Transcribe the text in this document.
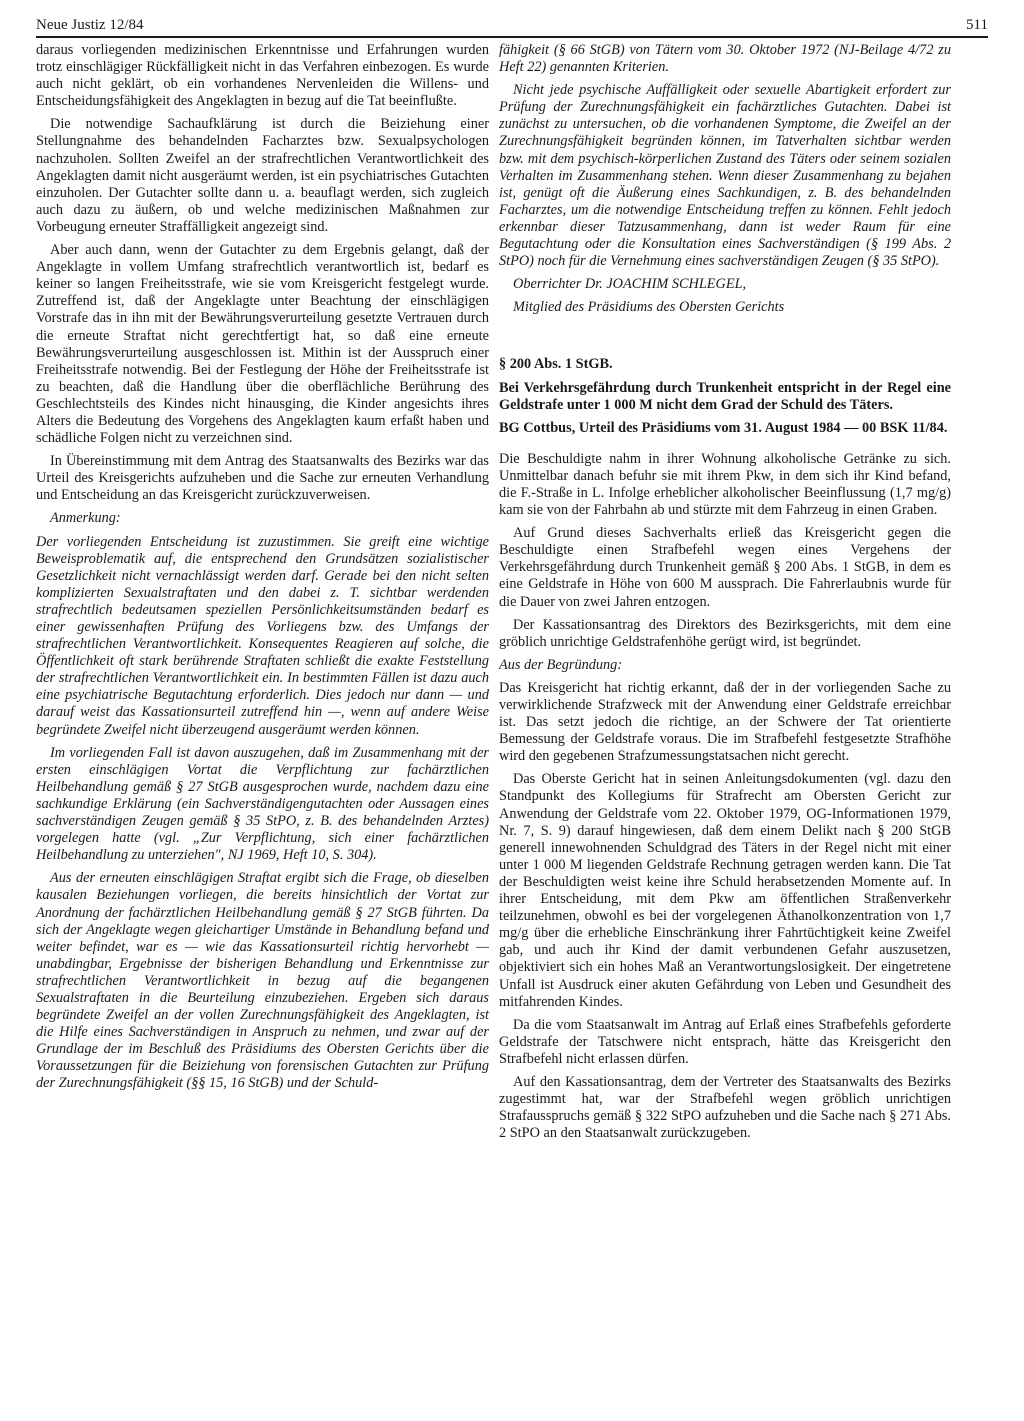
Neue Justiz 12/84	511

daraus vorliegenden medizinischen Erkenntnisse und Erfahrungen wurden trotz einschlägiger Rückfälligkeit nicht in das Verfahren einbezogen. Es wurde auch nicht geklärt, ob ein vorhandenes Nervenleiden die Willens- und Entscheidungsfähigkeit des Angeklagten in bezug auf die Tat beeinflußte.

Die notwendige Sachaufklärung ist durch die Beiziehung einer Stellungnahme des behandelnden Facharztes bzw. Sexualpsychologen nachzuholen. Sollten Zweifel an der strafrechtlichen Verantwortlichkeit des Angeklagten damit nicht ausgeräumt werden, ist ein psychiatrisches Gutachten einzuholen. Der Gutachter sollte dann u. a. beauflagt werden, sich zugleich auch dazu zu äußern, ob und welche medizinischen Maßnahmen zur Vorbeugung erneuter Straffälligkeit angezeigt sind.

Aber auch dann, wenn der Gutachter zu dem Ergebnis gelangt, daß der Angeklagte in vollem Umfang strafrechtlich verantwortlich ist, bedarf es keiner so langen Freiheitsstrafe, wie sie vom Kreisgericht festgelegt wurde. Zutreffend ist, daß der Angeklagte unter Beachtung der einschlägigen Vorstrafe das in ihn mit der Bewährungsverurteilung gesetzte Vertrauen durch die erneute Straftat nicht gerechtfertigt hat, so daß eine erneute Bewährungsverurteilung ausgeschlossen ist. Mithin ist der Ausspruch einer Freiheitsstrafe notwendig. Bei der Festlegung der Höhe der Freiheitsstrafe ist zu beachten, daß die Handlung über die oberflächliche Berührung des Geschlechtsteils des Kindes nicht hinausging, die Kinder angesichts ihres Alters die Bedeutung des Vorgehens des Angeklagten kaum erfaßt haben und schädliche Folgen nicht zu verzeichnen sind.

In Übereinstimmung mit dem Antrag des Staatsanwalts des Bezirks war das Urteil des Kreisgerichts aufzuheben und die Sache zur erneuten Verhandlung und Entscheidung an das Kreisgericht zurückzuverweisen.

Anmerkung:

Der vorliegenden Entscheidung ist zuzustimmen. Sie greift eine wichtige Beweisproblematik auf, die entsprechend den Grundsätzen sozialistischer Gesetzlichkeit nicht vernachlässigt werden darf. Gerade bei den nicht selten komplizierten Sexualstraftaten und den dabei z. T. sichtbar werdenden strafrechtlich bedeutsamen speziellen Persönlichkeitsumständen bedarf es einer gewissenhaften Prüfung des Vorliegens bzw. des Umfangs der strafrechtlichen Verantwortlichkeit. Konsequentes Reagieren auf solche, die Öffentlichkeit oft stark berührende Straftaten schließt die exakte Feststellung der strafrechtlichen Verantwortlichkeit ein. In bestimmten Fällen ist dazu auch eine psychiatrische Begutachtung erforderlich. Dies jedoch nur dann — und darauf weist das Kassationsurteil zutreffend hin —, wenn auf andere Weise begründete Zweifel nicht überzeugend ausgeräumt werden können.

Im vorliegenden Fall ist davon auszugehen, daß im Zusammenhang mit der ersten einschlägigen Vortat die Verpflichtung zur fachärztlichen Heilbehandlung gemäß § 27 StGB ausgesprochen wurde, nachdem dazu eine sachkundige Erklärung (ein Sachverständigengutachten oder Aussagen eines sachverständigen Zeugen gemäß § 35 StPO, z. B. des behandelnden Arztes) vorgelegen hatte (vgl. „Zur Verpflichtung, sich einer fachärztlichen Heilbehandlung zu unterziehen", NJ 1969, Heft 10, S. 304).

Aus der erneuten einschlägigen Straftat ergibt sich die Frage, ob dieselben kausalen Beziehungen vorliegen, die bereits hinsichtlich der Vortat zur Anordnung der fachärztlichen Heilbehandlung gemäß § 27 StGB führten. Da sich der Angeklagte wegen gleichartiger Umstände in Behandlung befand und weiter befindet, war es — wie das Kassationsurteil richtig hervorhebt — unabdingbar, Ergebnisse der bisherigen Behandlung und Erkenntnisse zur strafrechtlichen Verantwortlichkeit in bezug auf die begangenen Sexualstraftaten in die Beurteilung einzubeziehen. Ergeben sich daraus begründete Zweifel an der vollen Zurechnungsfähigkeit des Angeklagten, ist die Hilfe eines Sachverständigen in Anspruch zu nehmen, und zwar auf der Grundlage der im Beschluß des Präsidiums des Obersten Gerichts über die Voraussetzungen für die Beiziehung von forensischen Gutachten zur Prüfung der Zurechnungsfähigkeit (§§ 15, 16 StGB) und der Schuld-

fähigkeit (§ 66 StGB) von Tätern vom 30. Oktober 1972 (NJ-Beilage 4/72 zu Heft 22) genannten Kriterien.

Nicht jede psychische Auffälligkeit oder sexuelle Abartigkeit erfordert zur Prüfung der Zurechnungsfähigkeit ein fachärztliches Gutachten. Dabei ist zunächst zu untersuchen, ob die vorhandenen Symptome, die Zweifel an der Zurechnungsfähigkeit begründen können, im Tatverhalten sichtbar werden bzw. mit dem psychisch-körperlichen Zustand des Täters oder seinem sozialen Verhalten im Zusammenhang stehen. Wenn dieser Zusammenhang zu bejahen ist, genügt oft die Äußerung eines Sachkundigen, z. B. des behandelnden Facharztes, um die notwendige Entscheidung treffen zu können. Fehlt jedoch erkennbar dieser Tatzusammenhang, dann ist weder Raum für eine Begutachtung oder die Konsultation eines Sachverständigen (§ 199 Abs. 2 StPO) noch für die Vernehmung eines sachverständigen Zeugen (§ 35 StPO).

Oberrichter Dr. JOACHIM SCHLEGEL,

Mitglied des Präsidiums des Obersten Gerichts

§ 200 Abs. 1 StGB.

Bei Verkehrsgefährdung durch Trunkenheit entspricht in der Regel eine Geldstrafe unter 1 000 M nicht dem Grad der Schuld des Täters.

BG Cottbus, Urteil des Präsidiums vom 31. August 1984 — 00 BSK 11/84.

Die Beschuldigte nahm in ihrer Wohnung alkoholische Getränke zu sich. Unmittelbar danach befuhr sie mit ihrem Pkw, in dem sich ihr Kind befand, die F.-Straße in L. Infolge erheblicher alkoholischer Beeinflussung (1,7 mg/g) kam sie von der Fahrbahn ab und stürzte mit dem Fahrzeug in einen Graben.

Auf Grund dieses Sachverhalts erließ das Kreisgericht gegen die Beschuldigte einen Strafbefehl wegen eines Vergehens der Verkehrsgefährdung durch Trunkenheit gemäß § 200 Abs. 1 StGB, in dem es eine Geldstrafe in Höhe von 600 M aussprach. Die Fahrerlaubnis wurde für die Dauer von zwei Jahren entzogen.

Der Kassationsantrag des Direktors des Bezirksgerichts, mit dem eine gröblich unrichtige Geldstrafenhöhe gerügt wird, ist begründet.

Aus der Begründung:

Das Kreisgericht hat richtig erkannt, daß der in der vorliegenden Sache zu verwirklichende Strafzweck mit der Anwendung einer Geldstrafe erreichbar ist. Das setzt jedoch die richtige, an der Schwere der Tat orientierte Bemessung der Geldstrafe voraus. Die im Strafbefehl festgesetzte Strafhöhe wird den gegebenen Strafzumessungstatsachen nicht gerecht.

Das Oberste Gericht hat in seinen Anleitungsdokumenten (vgl. dazu den Standpunkt des Kollegiums für Strafrecht am Obersten Gericht zur Anwendung der Geldstrafe vom 22. Oktober 1979, OG-Informationen 1979, Nr. 7, S. 9) darauf hingewiesen, daß dem einem Delikt nach § 200 StGB generell innewohnenden Schuldgrad des Täters in der Regel nicht mit einer unter 1 000 M liegenden Geldstrafe Rechnung getragen werden kann. Die Tat der Beschuldigten weist keine ihre Schuld herabsetzenden Momente auf. In ihrer Entscheidung, mit dem Pkw am öffentlichen Straßenverkehr teilzunehmen, obwohl es bei der vorgelegenen Äthanolkonzentration von 1,7 mg/g über die erhebliche Einschränkung ihrer Fahrtüchtigkeit keine Zweifel gab, und auch ihr Kind der damit verbundenen Gefahr auszusetzen, objektiviert sich ein hohes Maß an Verantwortungslosigkeit. Der eingetretene Unfall ist Ausdruck einer akuten Gefährdung von Leben und Gesundheit des mitfahrenden Kindes.

Da die vom Staatsanwalt im Antrag auf Erlaß eines Strafbefehls geforderte Geldstrafe der Tatschwere nicht entsprach, hätte das Kreisgericht den Strafbefehl nicht erlassen dürfen.

Auf den Kassationsantrag, dem der Vertreter des Staatsanwalts des Bezirks zugestimmt hat, war der Strafbefehl wegen gröblich unrichtigen Strafausspruchs gemäß § 322 StPO aufzuheben und die Sache nach § 271 Abs. 2 StPO an den Staatsanwalt zurückzugeben.
